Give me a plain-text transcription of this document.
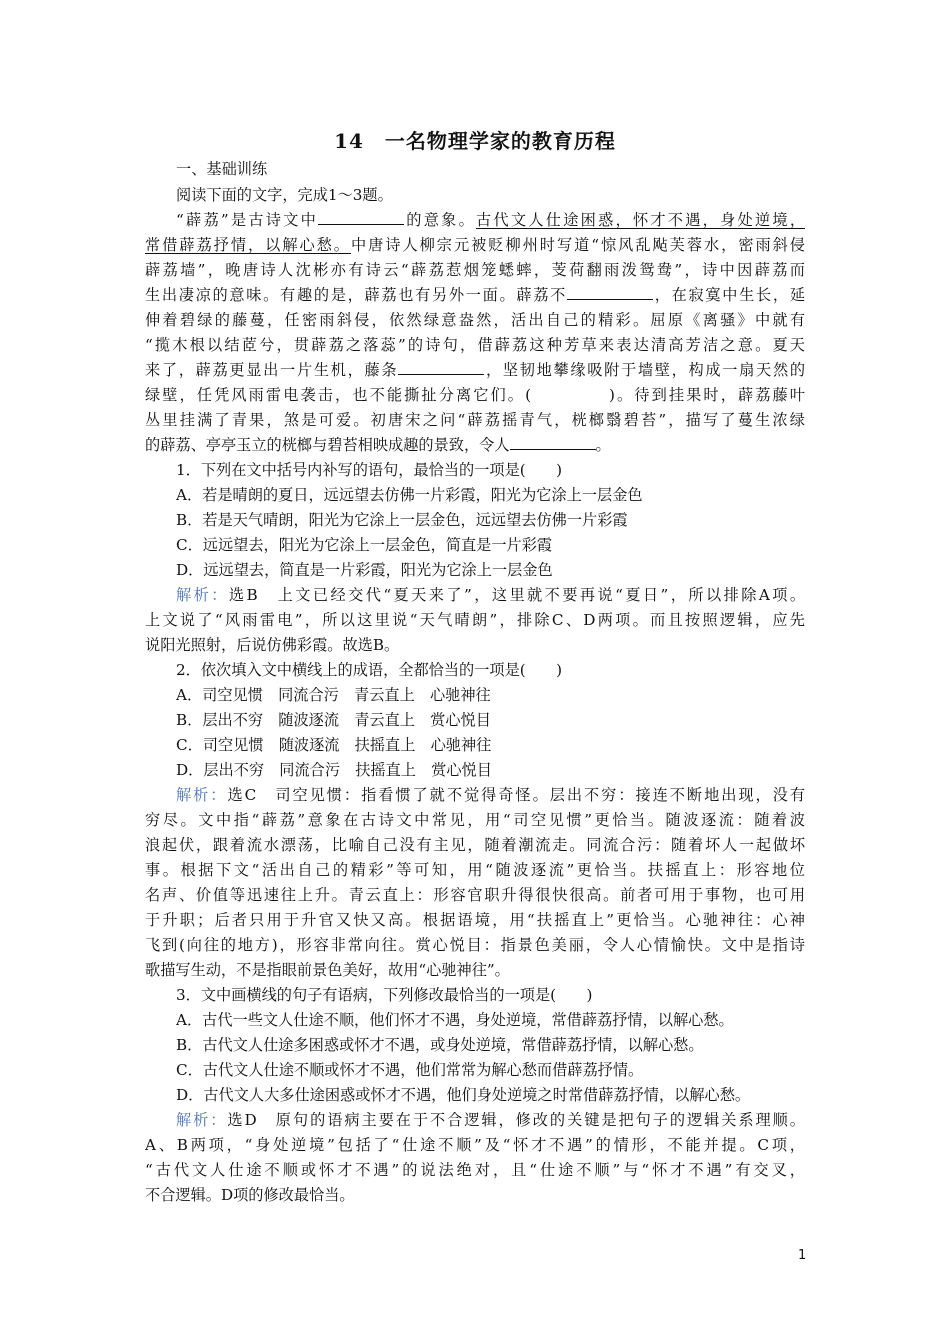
14　一名物理学家的教育历程
一、基础训练
阅读下面的文字，完成1～3题。
“薜荔”是古诗文中	的意象。古代文人仕途困惑，怀才不遇，身处逆境，
常借薜荔抒情，以解心愁。中唐诗人柳宗元被贬柳州时写道“惊风乱飐芙蓉水，密雨斜侵
薜荔墙”，晚唐诗人沈彬亦有诗云“薜荔惹烟笼蟋蟀，芰荷翻雨泼鸳鸯”，诗中因薜荔而
生出凄凉的意味。有趣的是，薜荔也有另外一面。薜荔不	，在寂寞中生长，延
伸着碧绿的藤蔓，任密雨斜侵，依然绿意盎然，活出自己的精彩。屈原《离骚》中就有
“揽木根以结茝兮，贯薜荔之落蕊”的诗句，借薜荔这种芳草来表达清高芳洁之意。夏天
来了，薜荔更显出一片生机，藤条	，坚韧地攀缘吸附于墙壁，构成一扇天然的
绿壁，任凭风雨雷电袭击，也不能撕扯分离它们。(	)。待到挂果时，薜荔藤叶
丛里挂满了青果，煞是可爱。初唐宋之问“薜荔摇青气，桄榔翳碧苔”，描写了蔓生浓绿
的薜荔、亭亭玉立的桄榔与碧苔相映成趣的景致，令人	。
1．下列在文中括号内补写的语句，最恰当的一项是(　　)
A．若是晴朗的夏日，远远望去仿佛一片彩霞，阳光为它涂上一层金色
B．若是天气晴朗，阳光为它涂上一层金色，远远望去仿佛一片彩霞
C．远远望去，阳光为它涂上一层金色，简直是一片彩霞
D．远远望去，简直是一片彩霞，阳光为它涂上一层金色
解析：选B　上文已经交代“夏天来了”，这里就不要再说“夏日”，所以排除A项。
上文说了“风雨雷电”，所以这里说“天气晴朗”，排除C、D两项。而且按照逻辑，应先
说阳光照射，后说仿佛彩霞。故选B。
2．依次填入文中横线上的成语，全都恰当的一项是(　　)
A．司空见惯　同流合污　青云直上　心驰神往
B．层出不穷　随波逐流　青云直上　赏心悦目
C．司空见惯　随波逐流　扶摇直上　心驰神往
D．层出不穷　同流合污　扶摇直上　赏心悦目
解析：选C　司空见惯：指看惯了就不觉得奇怪。层出不穷：接连不断地出现，没有
穷尽。文中指“薜荔”意象在古诗文中常见，用“司空见惯”更恰当。随波逐流：随着波
浪起伏，跟着流水漂荡，比喻自己没有主见，随着潮流走。同流合污：随着坏人一起做坏
事。根据下文“活出自己的精彩”等可知，用“随波逐流”更恰当。扶摇直上：形容地位
名声、价值等迅速往上升。青云直上：形容官职升得很快很高。前者可用于事物，也可用
于升职；后者只用于升官又快又高。根据语境，用“扶摇直上”更恰当。心驰神往：心神
飞到(向往的地方)，形容非常向往。赏心悦目：指景色美丽，令人心情愉快。文中是指诗
歌描写生动，不是指眼前景色美好，故用“心驰神往”。
3．文中画横线的句子有语病，下列修改最恰当的一项是(　　)
A．古代一些文人仕途不顺，他们怀才不遇，身处逆境，常借薜荔抒情，以解心愁。
B．古代文人仕途多困惑或怀才不遇，或身处逆境，常借薜荔抒情，以解心愁。
C．古代文人仕途不顺或怀才不遇，他们常常为解心愁而借薜荔抒情。
D．古代文人大多仕途困惑或怀才不遇，他们身处逆境之时常借薜荔抒情，以解心愁。
解析：选D　原句的语病主要在于不合逻辑，修改的关键是把句子的逻辑关系理顺。
A、B两项，“身处逆境”包括了“仕途不顺”及“怀才不遇”的情形，不能并提。C项，
“古代文人仕途不顺或怀才不遇”的说法绝对，且“仕途不顺”与“怀才不遇”有交叉，
不合逻辑。D项的修改最恰当。
1
